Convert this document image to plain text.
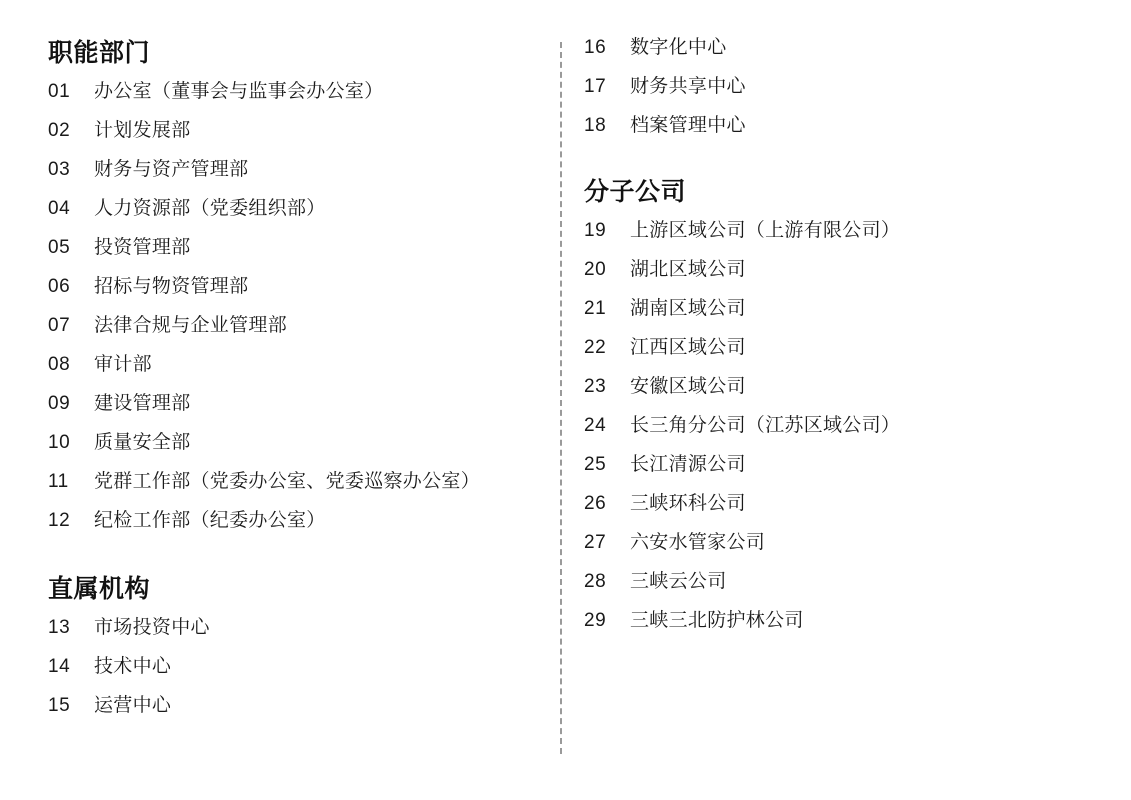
职能部门
01	办公室（董事会与监事会办公室）
02	计划发展部
03	财务与资产管理部
04	人力资源部（党委组织部）
05	投资管理部
06	招标与物资管理部
07	法律合规与企业管理部
08	审计部
09	建设管理部
10	质量安全部
11	党群工作部（党委办公室、党委巡察办公室）
12	纪检工作部（纪委办公室）
直属机构
13	市场投资中心
14	技术中心
15	运营中心
16	数字化中心
17	财务共享中心
18	档案管理中心
分子公司
19	上游区域公司（上游有限公司）
20	湖北区域公司
21	湖南区域公司
22	江西区域公司
23	安徽区域公司
24	长三角分公司（江苏区域公司）
25	长江清源公司
26	三峡环科公司
27	六安水管家公司
28	三峡云公司
29	三峡三北防护林公司
